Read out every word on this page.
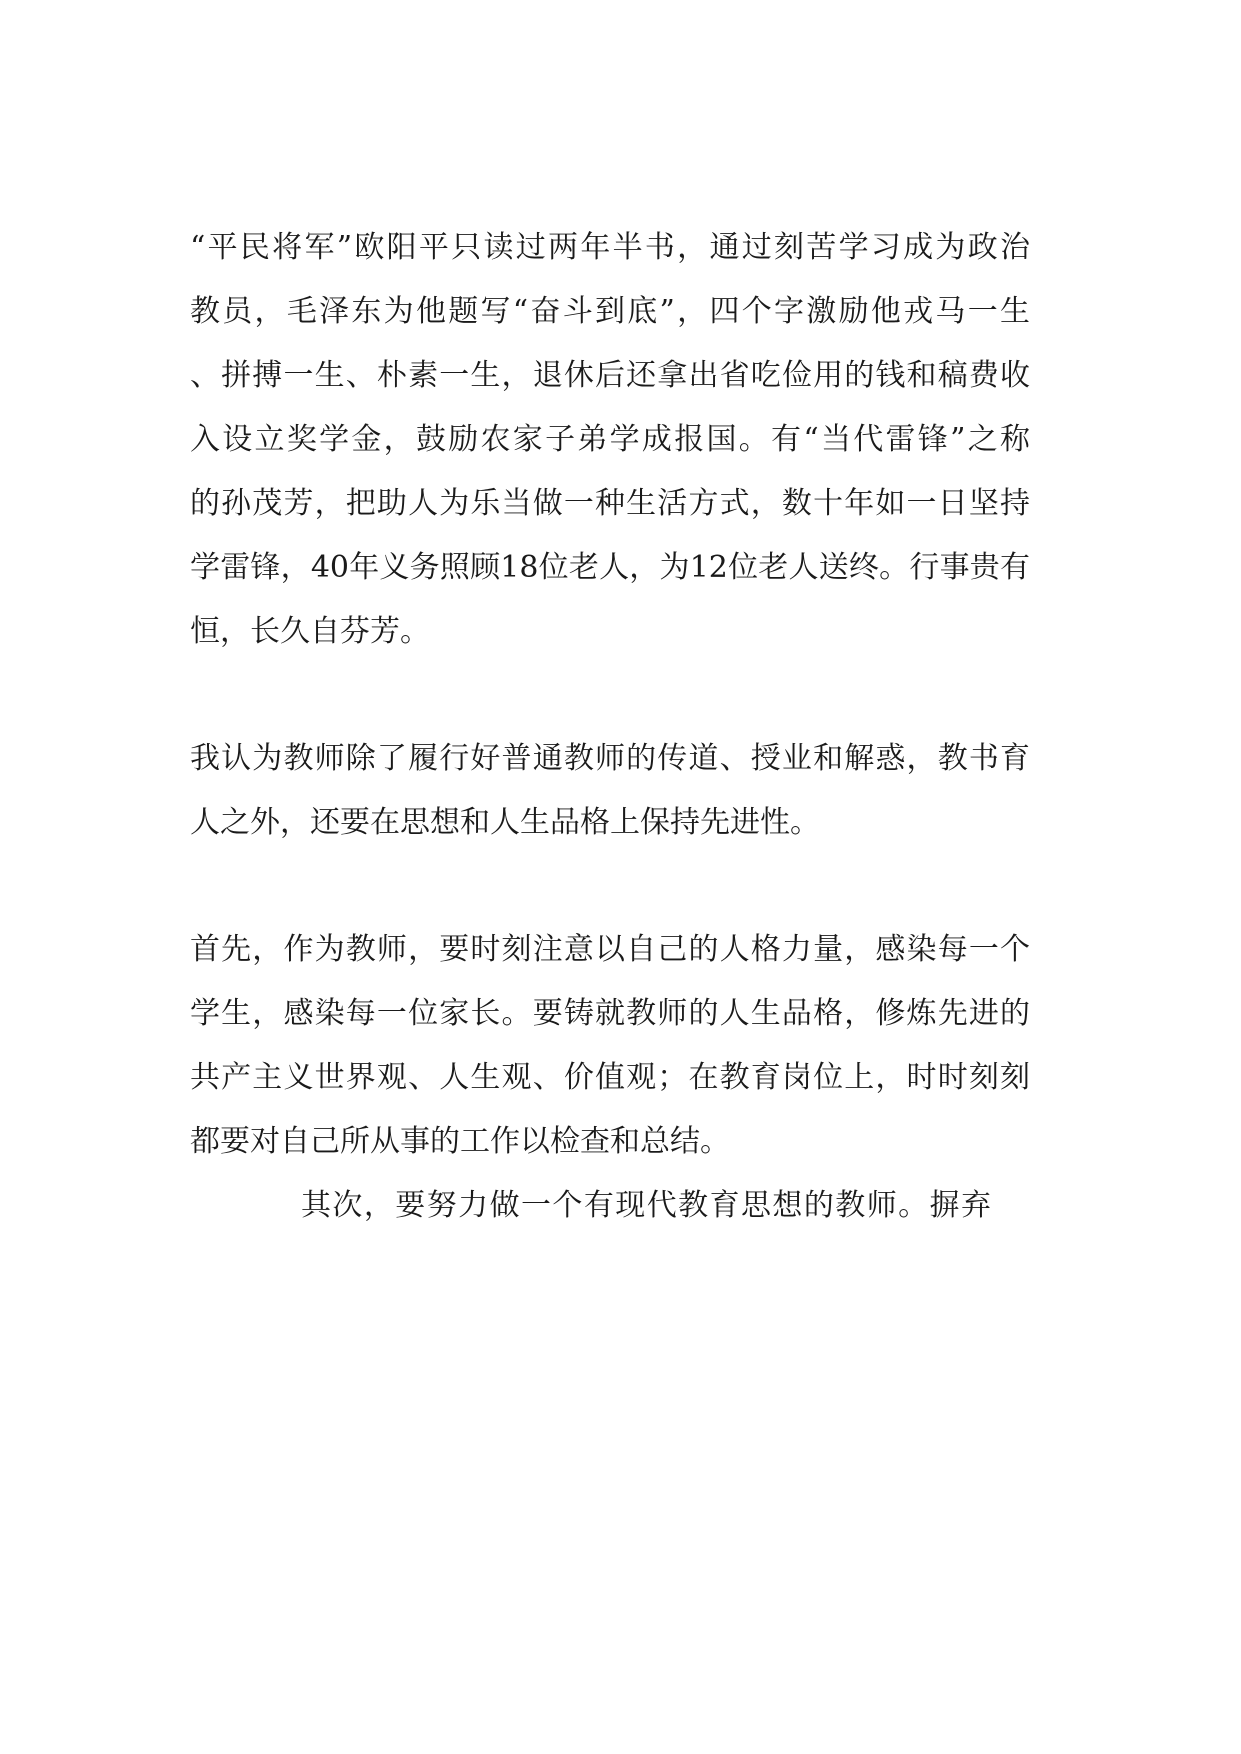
“平民将军”欧阳平只读过两年半书，通过刻苦学习成为政治
教员，毛泽东为他题写“奋斗到底”，四个字激励他戎马一生
、拼搏一生、朴素一生，退休后还拿出省吃俭用的钱和稿费收
入设立奖学金，鼓励农家子弟学成报国。有“当代雷锋”之称
的孙茂芳，把助人为乐当做一种生活方式，数十年如一日坚持
学雷锋，40年义务照顾18位老人，为12位老人送终。行事贵有
恒，长久自芬芳。
我认为教师除了履行好普通教师的传道、授业和解惑，教书育
人之外，还要在思想和人生品格上保持先进性。
首先，作为教师，要时刻注意以自己的人格力量，感染每一个
学生，感染每一位家长。要铸就教师的人生品格，修炼先进的
共产主义世界观、人生观、价值观；在教育岗位上，时时刻刻
都要对自己所从事的工作以检查和总结。
其次，要努力做一个有现代教育思想的教师。摒弃
